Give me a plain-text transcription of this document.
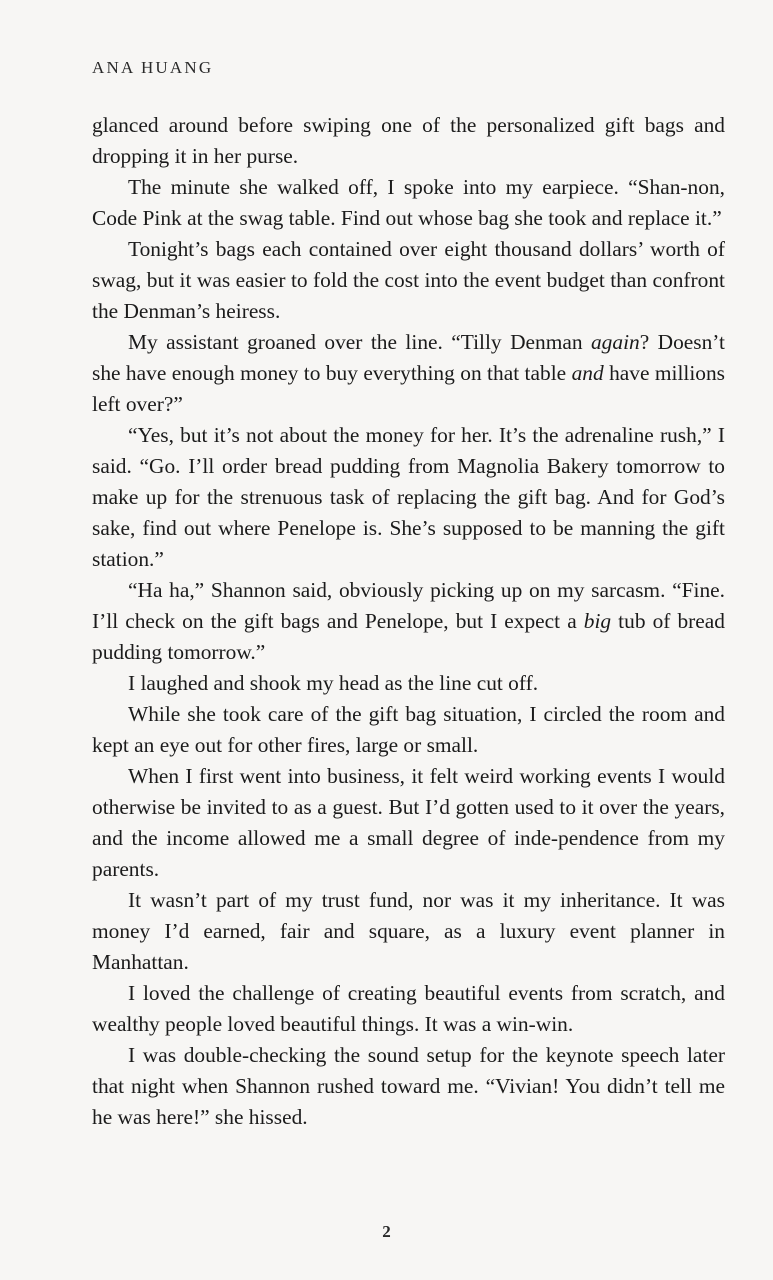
ANA HUANG

glanced around before swiping one of the personalized gift bags and dropping it in her purse.

The minute she walked off, I spoke into my earpiece. “Shan-non, Code Pink at the swag table. Find out whose bag she took and replace it.”

Tonight’s bags each contained over eight thousand dollars’ worth of swag, but it was easier to fold the cost into the event budget than confront the Denman’s heiress.

My assistant groaned over the line. “Tilly Denman again? Doesn’t she have enough money to buy everything on that table and have millions left over?”

“Yes, but it’s not about the money for her. It’s the adrenaline rush,” I said. “Go. I’ll order bread pudding from Magnolia Bakery tomorrow to make up for the strenuous task of replacing the gift bag. And for God’s sake, find out where Penelope is. She’s supposed to be manning the gift station.”

“Ha ha,” Shannon said, obviously picking up on my sarcasm. “Fine. I’ll check on the gift bags and Penelope, but I expect a big tub of bread pudding tomorrow.”

I laughed and shook my head as the line cut off.

While she took care of the gift bag situation, I circled the room and kept an eye out for other fires, large or small.

When I first went into business, it felt weird working events I would otherwise be invited to as a guest. But I’d gotten used to it over the years, and the income allowed me a small degree of inde-pendence from my parents.

It wasn’t part of my trust fund, nor was it my inheritance. It was money I’d earned, fair and square, as a luxury event planner in Manhattan.

I loved the challenge of creating beautiful events from scratch, and wealthy people loved beautiful things. It was a win-win.

I was double-checking the sound setup for the keynote speech later that night when Shannon rushed toward me. “Vivian! You didn’t tell me he was here!” she hissed.

2
